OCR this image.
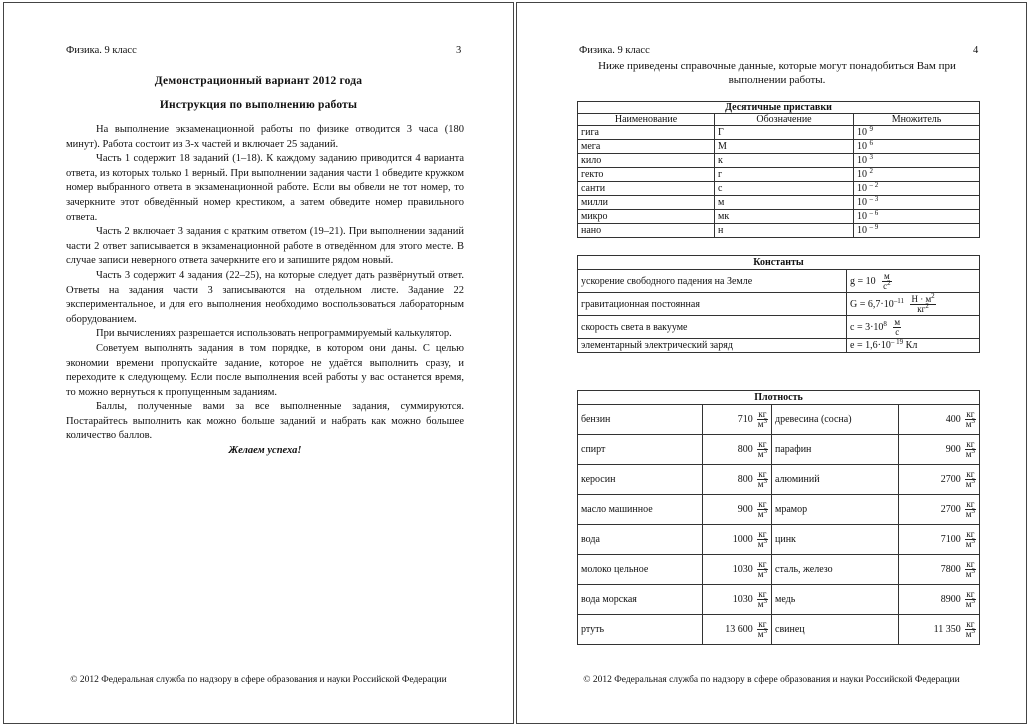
Физика. 9 класс	3
Демонстрационный вариант 2012 года
Инструкция по выполнению работы

На выполнение экзаменационной работы по физике отводится 3 часа (180 минут). Работа состоит из 3-х частей и включает 25 заданий.

Часть 1 содержит 18 заданий (1–18). К каждому заданию приводится 4 варианта ответа, из которых только 1 верный. При выполнении задания части 1 обведите кружком номер выбранного ответа в экзаменационной работе. Если вы обвели не тот номер, то зачеркните этот обведённый номер крестиком, а затем обведите номер правильного ответа.

Часть 2 включает 3 задания с кратким ответом (19–21). При выполнении заданий части 2 ответ записывается в экзаменационной работе в отведённом для этого месте. В случае записи неверного ответа зачеркните его и запишите рядом новый.

Часть 3 содержит 4 задания (22–25), на которые следует дать развёрнутый ответ. Ответы на задания части 3 записываются на отдельном листе. Задание 22 экспериментальное, и для его выполнения необходимо воспользоваться лабораторным оборудованием.

При вычислениях разрешается использовать непрограммируемый калькулятор.

Советуем выполнять задания в том порядке, в котором они даны. С целью экономии времени пропускайте задание, которое не удаётся выполнить сразу, и переходите к следующему. Если после выполнения всей работы у вас останется время, то можно вернуться к пропущенным заданиям.

Баллы, полученные вами за все выполненные задания, суммируются. Постарайтесь выполнить как можно больше заданий и набрать как можно большее количество баллов.

Желаем успеха!

© 2012 Федеральная служба по надзору в сфере образования и науки Российской Федерации
Физика. 9 класс	4
Ниже приведены справочные данные, которые могут понадобиться Вам при выполнении работы.
Десятичные приставки		
Наименование	Обозначение	Множитель
гига	Г	10 $^9$
мега	М	10 $^6$
кило	к	10 $^3$
гекто	г	10 $^2$
санти	с	10 $^{- 2}$
милли	м	10 $^{- 3}$
микро	мк	10 $^{- 6}$
нано	н	10 $^{- 9}$
Константы	
ускорение свободного падения на Земле	$g = 10 \frac{м}{с^2}$

гравитационная постоянная	$G = 6,7\cdot 10^{-11} \frac{Н \cdot м^2}{кг^2}$

скорость света в вакууме	$с = 3\cdot 10^8 \frac{м}{с}$

элементарный электрический заряд	$e = 1,6\cdot 10^{- 19}$ Кл
Плотность			
бензин	$710 \frac{кг}{м^3}$	древесина (сосна)	$400 \frac{кг}{м^3}$

спирт	$800 \frac{кг}{м^3}$	парафин	$900 \frac{кг}{м^3}$

керосин	$800 \frac{кг}{м^3}$	алюминий	$2700 \frac{кг}{м^3}$

масло машинное	$900 \frac{кг}{м^3}$	мрамор	$2700 \frac{кг}{м^3}$

вода	$1000 \frac{кг}{м^3}$	цинк	$7100 \frac{кг}{м^3}$

молоко цельное	$1030 \frac{кг}{м^3}$	сталь, железо	$7800 \frac{кг}{м^3}$

вода морская	$1030 \frac{кг}{м^3}$	медь	$8900 \frac{кг}{м^3}$

ртуть	13 $600 \frac{кг}{м^3}$	свинец	11 $350 \frac{кг}{м^3}$
© 2012 Федеральная служба по надзору в сфере образования и науки Российской Федерации
